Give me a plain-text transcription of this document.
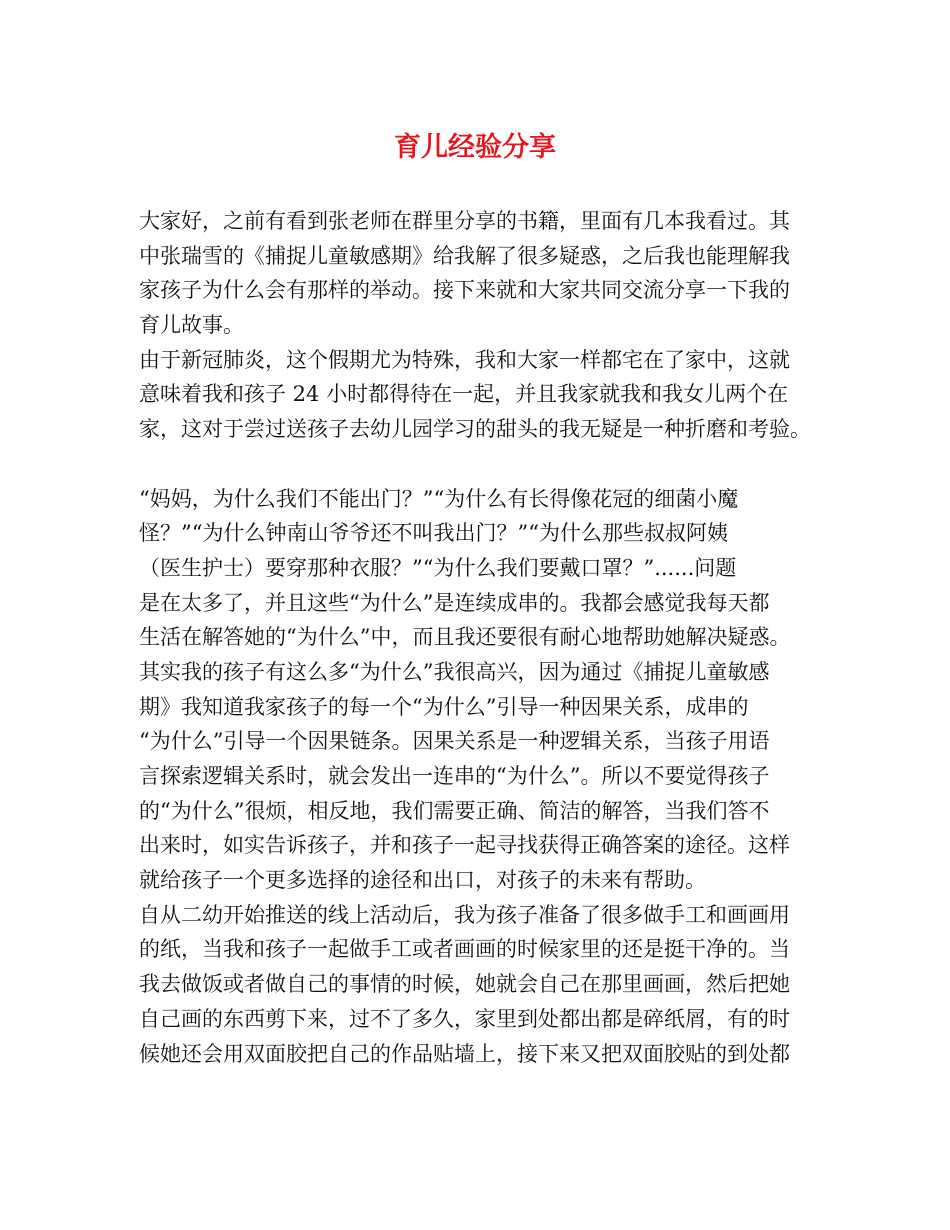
育儿经验分享
大家好，之前有看到张老师在群里分享的书籍，里面有几本我看过。其
中张瑞雪的《捕捉儿童敏感期》给我解了很多疑惑，之后我也能理解我
家孩子为什么会有那样的举动。接下来就和大家共同交流分享一下我的
育儿故事。
由于新冠肺炎，这个假期尤为特殊，我和大家一样都宅在了家中，这就
意味着我和孩子 24 小时都得待在一起，并且我家就我和我女儿两个在
家，这对于尝过送孩子去幼儿园学习的甜头的我无疑是一种折磨和考验。
“妈妈，为什么我们不能出门？”“为什么有长得像花冠的细菌小魔
怪？”“为什么钟南山爷爷还不叫我出门？”“为什么那些叔叔阿姨
（医生护士）要穿那种衣服？”“为什么我们要戴口罩？”......问题
是在太多了，并且这些“为什么”是连续成串的。我都会感觉我每天都
生活在解答她的“为什么”中，而且我还要很有耐心地帮助她解决疑惑。
其实我的孩子有这么多“为什么”我很高兴，因为通过《捕捉儿童敏感
期》我知道我家孩子的每一个“为什么”引导一种因果关系，成串的
“为什么”引导一个因果链条。因果关系是一种逻辑关系，当孩子用语
言探索逻辑关系时，就会发出一连串的“为什么”。所以不要觉得孩子
的“为什么”很烦，相反地，我们需要正确、简洁的解答，当我们答不
出来时，如实告诉孩子，并和孩子一起寻找获得正确答案的途径。这样
就给孩子一个更多选择的途径和出口，对孩子的未来有帮助。
自从二幼开始推送的线上活动后，我为孩子准备了很多做手工和画画用
的纸，当我和孩子一起做手工或者画画的时候家里的还是挺干净的。当
我去做饭或者做自己的事情的时候，她就会自己在那里画画，然后把她
自己画的东西剪下来，过不了多久，家里到处都出都是碎纸屑，有的时
候她还会用双面胶把自己的作品贴墙上，接下来又把双面胶贴的到处都
